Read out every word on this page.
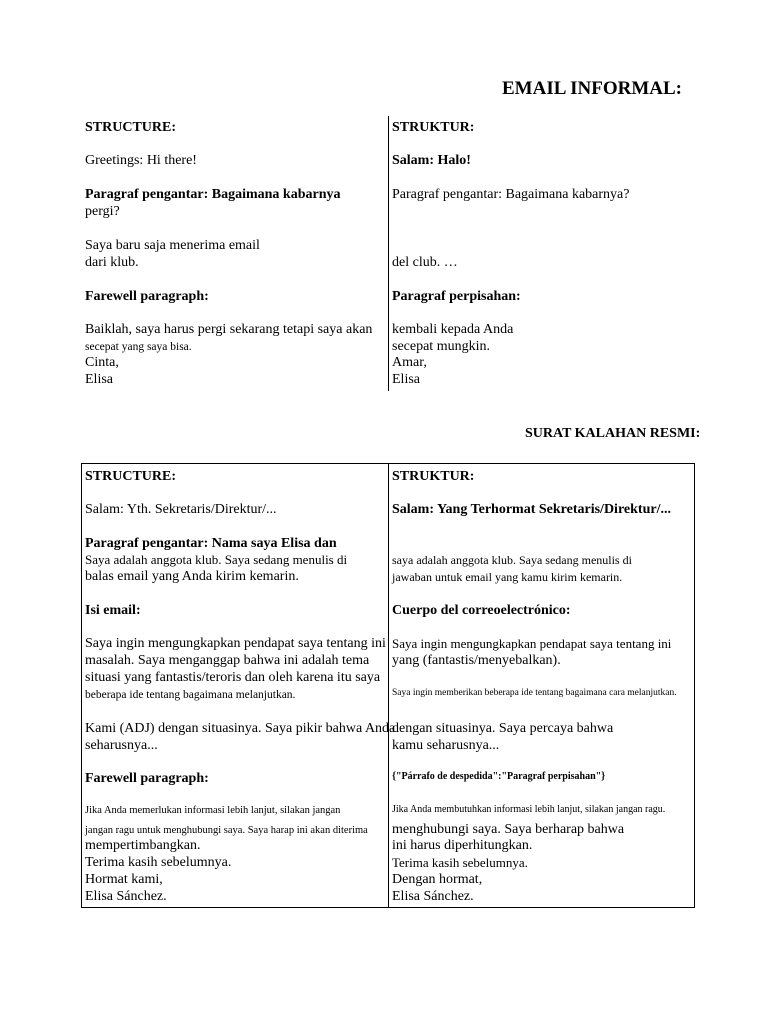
EMAIL INFORMAL:
STRUCTURE:
Greetings: Hi there!
Paragraf pengantar: Bagaimana kabarnya
pergi?
Saya baru saja menerima email
dari klub.
Farewell paragraph:
Baiklah, saya harus pergi sekarang tetapi saya akan
secepat yang saya bisa.
Cinta,
Elisa
STRUKTUR:
Salam: Halo!
Paragraf pengantar: Bagaimana kabarnya?
del club. …
Paragraf perpisahan:
kembali kepada Anda
secepat mungkin.
Amar,
Elisa
SURAT KALAHAN RESMI:
STRUCTURE:
Salam: Yth. Sekretaris/Direktur/...
Paragraf pengantar: Nama saya Elisa dan
Saya adalah anggota klub. Saya sedang menulis di
balas email yang Anda kirim kemarin.
Isi email:
Saya ingin mengungkapkan pendapat saya tentang ini
masalah. Saya menganggap bahwa ini adalah tema
situasi yang fantastis/teroris dan oleh karena itu saya
beberapa ide tentang bagaimana melanjutkan.
Kami (ADJ) dengan situasinya. Saya pikir bahwa Anda
seharusnya...
Farewell paragraph:
Jika Anda memerlukan informasi lebih lanjut, silakan jangan
jangan ragu untuk menghubungi saya. Saya harap ini akan diterima
mempertimbangkan.
Terima kasih sebelumnya.
Hormat kami,
Elisa Sánchez.
STRUKTUR:
Salam: Yang Terhormat Sekretaris/Direktur/...
saya adalah anggota klub. Saya sedang menulis di
jawaban untuk email yang kamu kirim kemarin.
Cuerpo del correoelectrónico:
Saya ingin mengungkapkan pendapat saya tentang ini
yang (fantastis/menyebalkan).
Saya ingin memberikan beberapa ide tentang bagaimana cara melanjutkan.
dengan situasinya. Saya percaya bahwa
kamu seharusnya...
{"Párrafo de despedida":"Paragraf perpisahan"}
Jika Anda membutuhkan informasi lebih lanjut, silakan jangan ragu.
menghubungi saya. Saya berharap bahwa
ini harus diperhitungkan.
Terima kasih sebelumnya.
Dengan hormat,
Elisa Sánchez.
